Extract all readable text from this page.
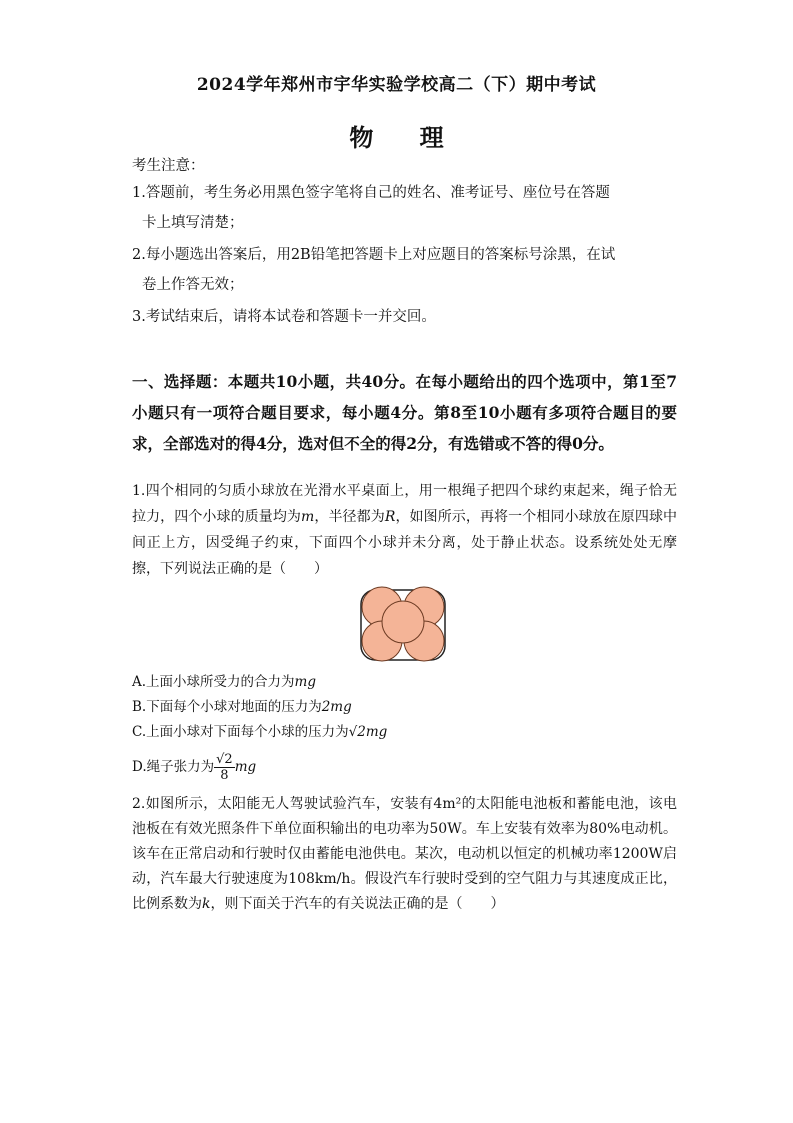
2024学年郑州市宇华实验学校高二（下）期中考试
物 理
考生注意：
1.答题前，考生务必用黑色签字笔将自己的姓名、准考证号、座位号在答题
卡上填写清楚；
2.每小题选出答案后，用2B铅笔把答题卡上对应题目的答案标号涂黑，在试
卷上作答无效；
3.考试结束后，请将本试卷和答题卡一并交回。
一、选择题：本题共10小题，共40分。在每小题给出的四个选项中，第1至7小题只有一项符合题目要求，每小题4分。第8至10小题有多项符合题目的要求，全部选对的得4分，选对但不全的得2分，有选错或不答的得0分。
1.四个相同的匀质小球放在光滑水平桌面上，用一根绳子把四个球约束起来，绳子恰无拉力，四个小球的质量均为m，半径都为R，如图所示，再将一个相同小球放在原四球中间正上方，因受绳子约束，下面四个小球并未分离，处于静止状态。设系统处处无摩擦，下列说法正确的是（　　）
A.上面小球所受力的合力为mg
B.下面每个小球对地面的压力为2mg
C.上面小球对下面每个小球的压力为√2mg
D.绳子张力为 $\frac{√2}{8}$ mg
2.如图所示，太阳能无人驾驶试验汽车，安装有4m²的太阳能电池板和蓄能电池，该电池板在有效光照条件下单位面积输出的电功率为50W。车上安装有效率为80%电动机。该车在正常启动和行驶时仅由蓄能电池供电。某次，电动机以恒定的机械功率1200W启动，汽车最大行驶速度为108km/h。假设汽车行驶时受到的空气阻力与其速度成正比，比例系数为k，则下面关于汽车的有关说法正确的是（　　）
